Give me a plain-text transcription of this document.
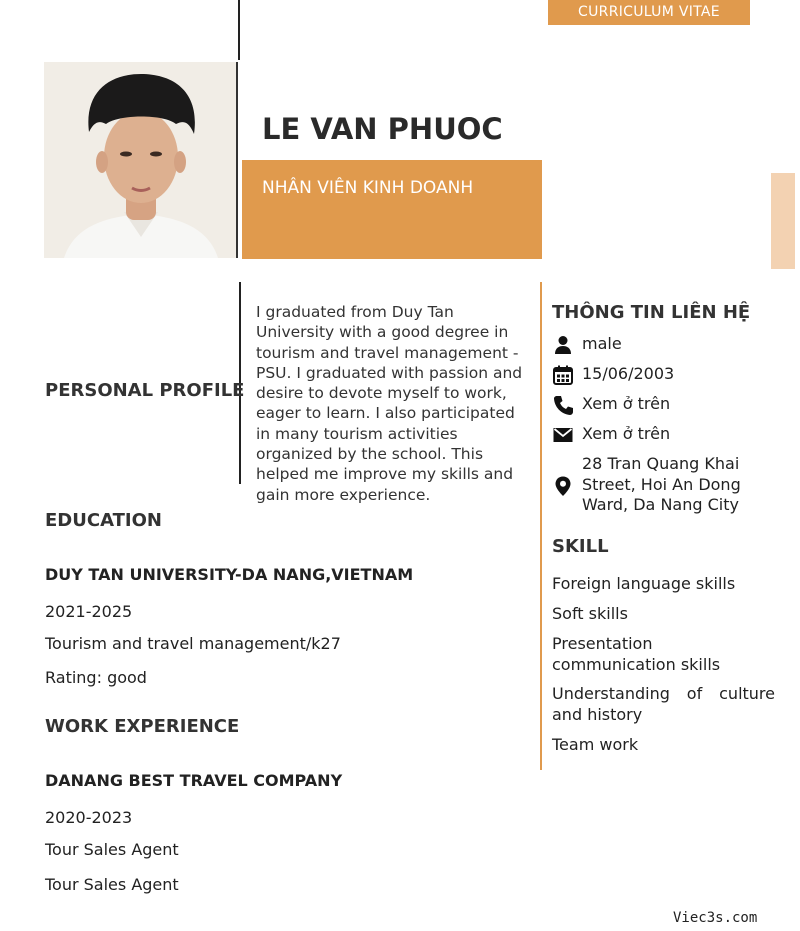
CURRICULUM VITAE
LE VAN PHUOC
NHÂN VIÊN KINH DOANH
PERSONAL PROFILE
I graduated from Duy Tan University with a good degree in tourism and travel management - PSU. I graduated with passion and desire to devote myself to work, eager to learn. I also participated in many tourism activities organized by the school. This helped me improve my skills and gain more experience.
EDUCATION
DUY TAN UNIVERSITY-DA NANG,VIETNAM
2021-2025
Tourism and travel management/k27
Rating: good
WORK EXPERIENCE
DANANG BEST TRAVEL COMPANY
2020-2023
Tour Sales Agent
Tour Sales Agent
THÔNG TIN LIÊN HỆ
male
15/06/2003
Xem ở trên
Xem ở trên
28 Tran Quang Khai Street, Hoi An Dong Ward, Da Nang City
SKILL
Foreign language skills
Soft skills
Presentation communication skills
Understanding of culture and history
Team work
Viec3s.com
